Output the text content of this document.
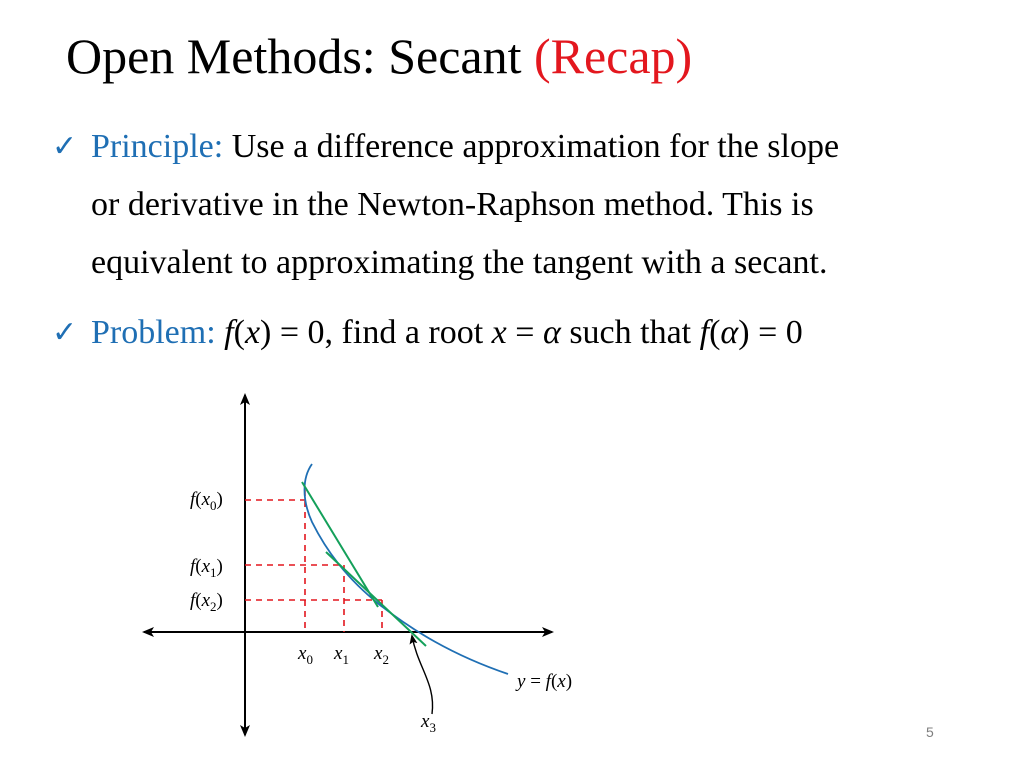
Open Methods: Secant (Recap)
✓ Principle: Use a difference approximation for the slope
or derivative in the Newton-Raphson method. This is
equivalent to approximating the tangent with a secant.
✓ Problem: f(x) = 0, find a root x = α such that f(α) = 0
$f(x_0)$
$f(x_1)$
$f(x_2)$
$x_0$ $x_1$ $x_2$
$x_3$
y = f(x)
5
